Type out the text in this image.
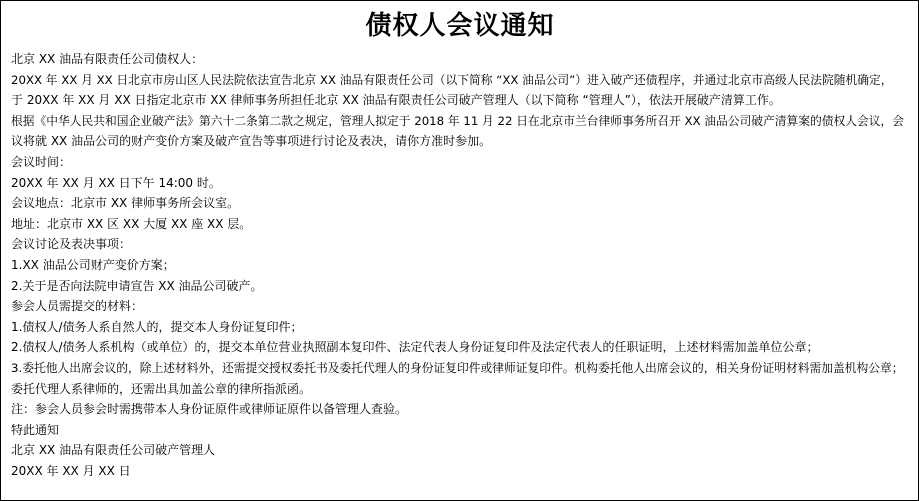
债权人会议通知

北京 XX 油品有限责任公司债权人：

20XX 年 XX 月 XX 日北京市房山区人民法院依法宣告北京 XX 油品有限责任公司（以下简称 “XX 油品公司”）进入破产还债程序，并通过北京市高级人民法院随机确定，

于 20XX 年 XX 月 XX 日指定北京市 XX 律师事务所担任北京 XX 油品有限责任公司破产管理人（以下简称 “管理人”），依法开展破产清算工作。

根据《中华人民共和国企业破产法》第六十二条第二款之规定，管理人拟定于 2018 年 11 月 22 日在北京市兰台律师事务所召开 XX 油品公司破产清算案的债权人会议，会

议将就 XX 油品公司的财产变价方案及破产宣告等事项进行讨论及表决，请你方准时参加。

会议时间：

20XX 年 XX 月 XX 日下午 14:00 时。

会议地点：北京市 XX 律师事务所会议室。

地址：北京市 XX 区 XX 大厦 XX 座 XX 层。

会议讨论及表决事项：

1.XX 油品公司财产变价方案；

2.关于是否向法院申请宣告 XX 油品公司破产。

参会人员需提交的材料：

1.债权人/债务人系自然人的，提交本人身份证复印件；

2.债权人/债务人系机构（或单位）的，提交本单位营业执照副本复印件、法定代表人身份证复印件及法定代表人的任职证明，上述材料需加盖单位公章；

3.委托他人出席会议的，除上述材料外，还需提交授权委托书及委托代理人的身份证复印件或律师证复印件。机构委托他人出席会议的，相关身份证明材料需加盖机构公章；

委托代理人系律师的，还需出具加盖公章的律所指派函。

注：参会人员参会时需携带本人身份证原件或律师证原件以备管理人查验。

特此通知

北京 XX 油品有限责任公司破产管理人

20XX 年 XX 月 XX 日
